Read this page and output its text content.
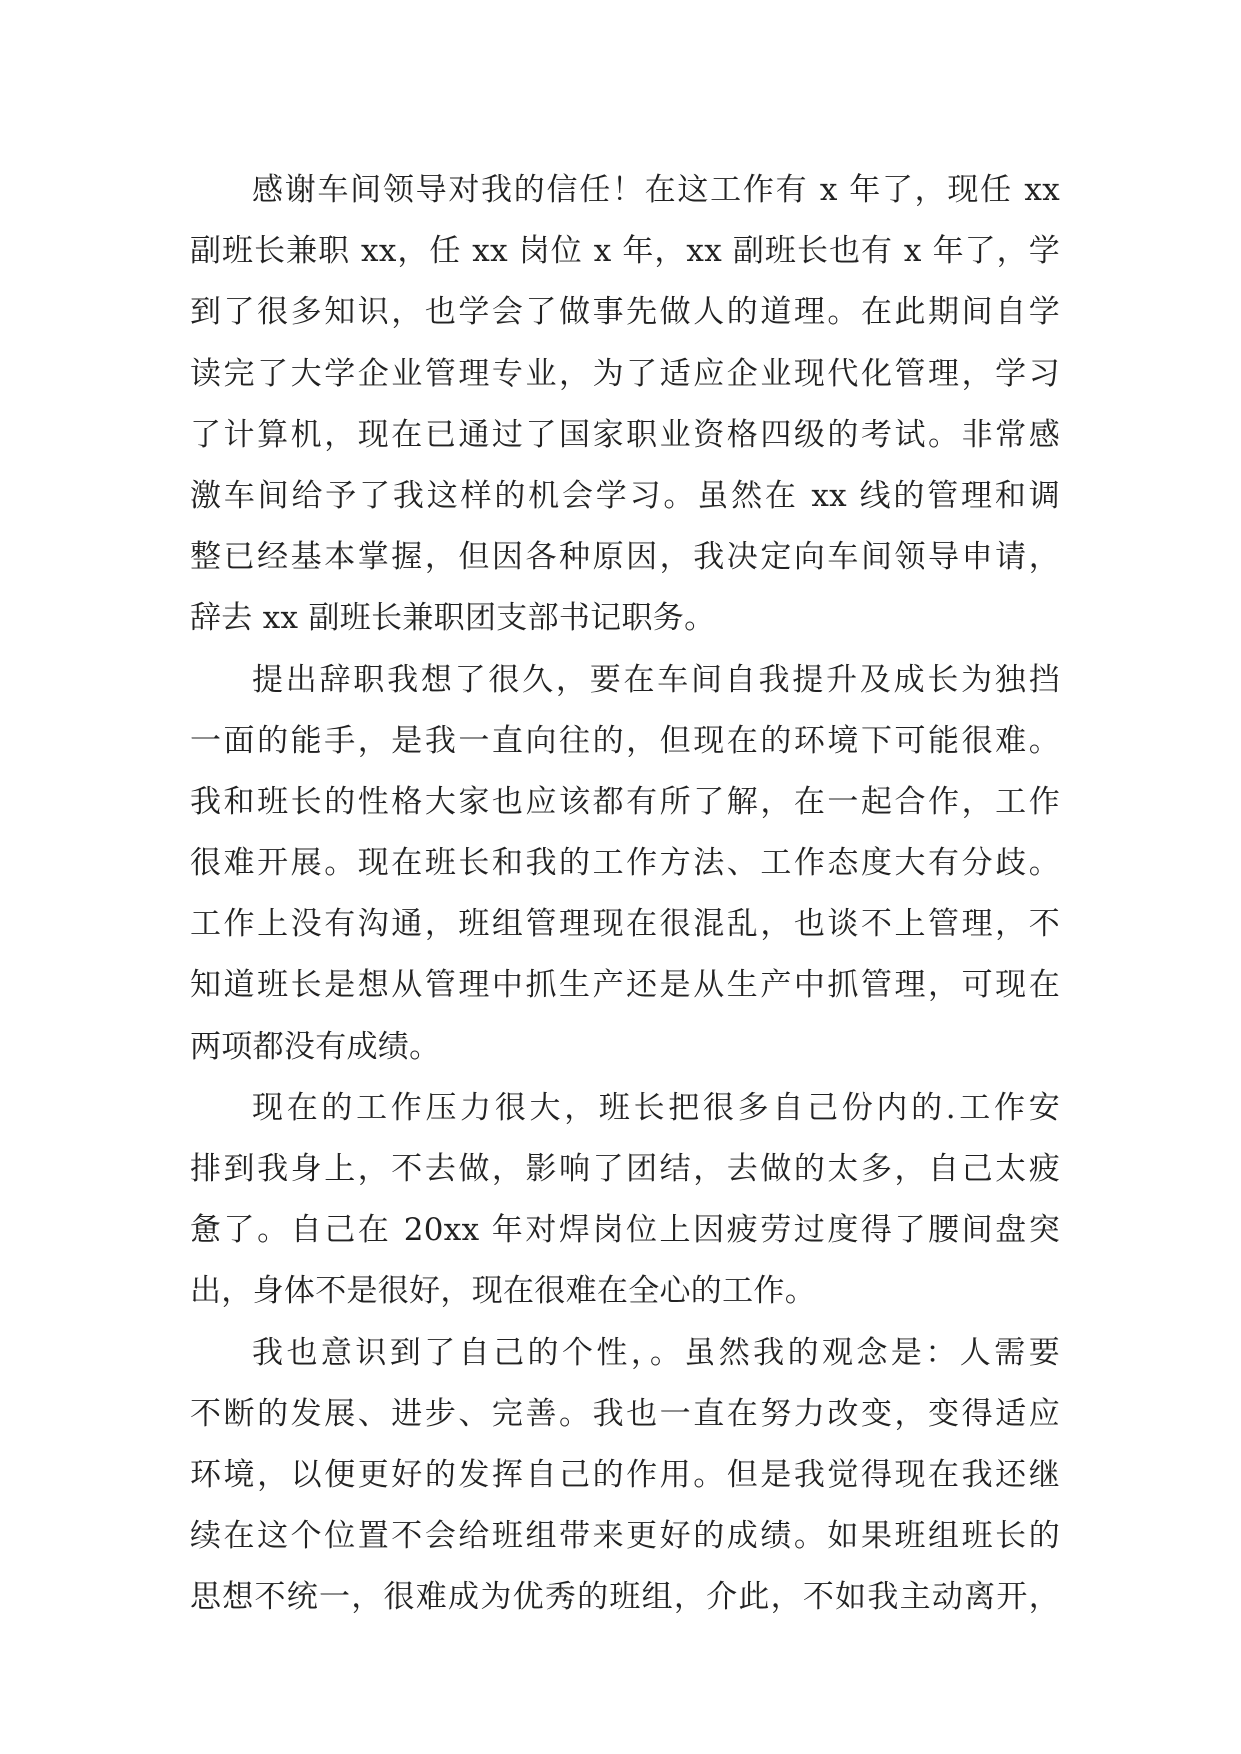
感谢车间领导对我的信任！在这工作有 x 年了，现任 xx
副班长兼职 xx，任 xx 岗位 x 年，xx 副班长也有 x 年了，学
到了很多知识，也学会了做事先做人的道理。在此期间自学
读完了大学企业管理专业，为了适应企业现代化管理，学习
了计算机，现在已通过了国家职业资格四级的考试。非常感
激车间给予了我这样的机会学习。虽然在 xx 线的管理和调
整已经基本掌握，但因各种原因，我决定向车间领导申请，
辞去 xx 副班长兼职团支部书记职务。
提出辞职我想了很久，要在车间自我提升及成长为独挡
一面的能手，是我一直向往的，但现在的环境下可能很难。
我和班长的性格大家也应该都有所了解，在一起合作，工作
很难开展。现在班长和我的工作方法、工作态度大有分歧。
工作上没有沟通，班组管理现在很混乱，也谈不上管理，不
知道班长是想从管理中抓生产还是从生产中抓管理，可现在
两项都没有成绩。
现在的工作压力很大，班长把很多自己份内的.工作安
排到我身上，不去做，影响了团结，去做的太多，自己太疲
惫了。自己在 20xx 年对焊岗位上因疲劳过度得了腰间盘突
出，身体不是很好，现在很难在全心的工作。
我也意识到了自己的个性，。虽然我的观念是：人需要
不断的发展、进步、完善。我也一直在努力改变，变得适应
环境，以便更好的发挥自己的作用。但是我觉得现在我还继
续在这个位置不会给班组带来更好的成绩。如果班组班长的
思想不统一，很难成为优秀的班组，介此，不如我主动离开，
